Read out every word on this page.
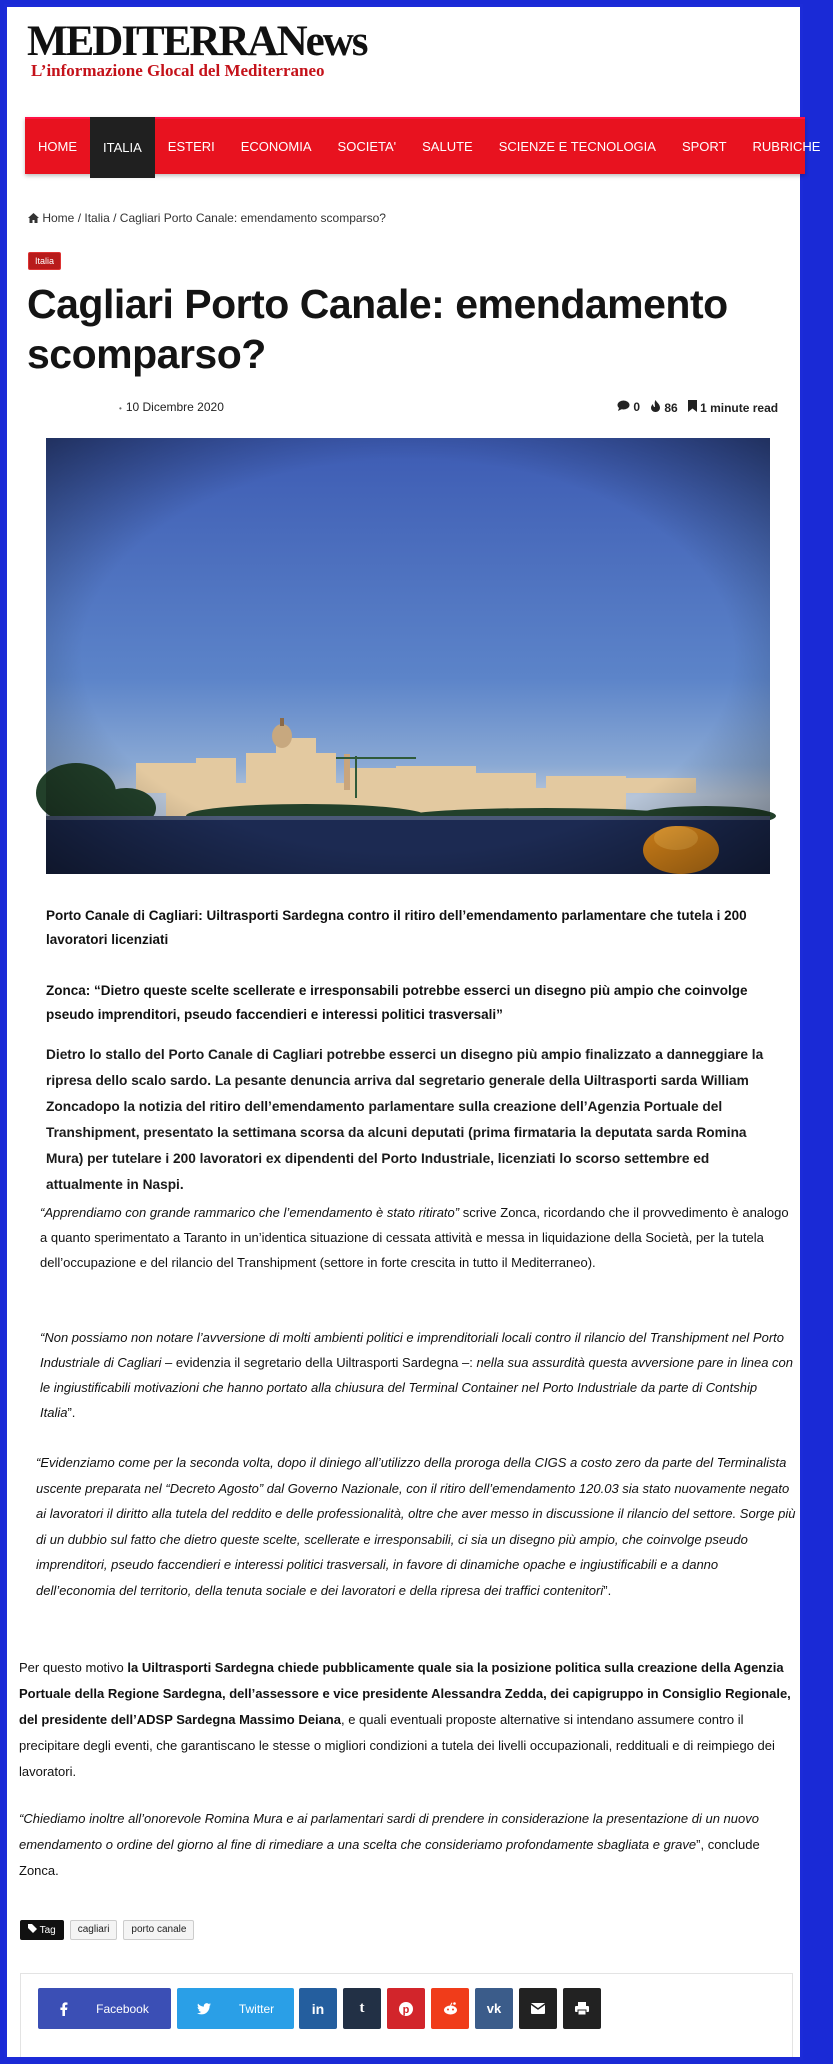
MEDITERRANews
L’informazione Glocal del Mediterraneo
HOME	ITALIA	ESTERI	ECONOMIA	SOCIETA'	SALUTE	SCIENZE E TECNOLOGIA	SPORT	RUBRICHE
Home / Italia / Cagliari Porto Canale: emendamento scomparso?
Italia
Cagliari Porto Canale: emendamento scomparso?
• 10 Dicembre 2020	0	86	1 minute read
Porto Canale di Cagliari: Uiltrasporti Sardegna contro il ritiro dell’emendamento parlamentare che tutela i 200 lavoratori licenziati
Zonca: “Dietro queste scelte scellerate e irresponsabili potrebbe esserci un disegno più ampio che coinvolge pseudo imprenditori, pseudo faccendieri e interessi politici trasversali”
Dietro lo stallo del Porto Canale di Cagliari potrebbe esserci un disegno più ampio finalizzato a danneggiare la ripresa dello scalo sardo. La pesante denuncia arriva dal segretario generale della Uiltrasporti sarda William Zoncadopo la notizia del ritiro dell’emendamento parlamentare sulla creazione dell’Agenzia Portuale del Transhipment, presentato la settimana scorsa da alcuni deputati (prima firmataria la deputata sarda Romina Mura) per tutelare i 200 lavoratori ex dipendenti del Porto Industriale, licenziati lo scorso settembre ed attualmente in Naspi.
“Apprendiamo con grande rammarico che l’emendamento è stato ritirato” scrive Zonca, ricordando che il provvedimento è analogo a quanto sperimentato a Taranto in un’identica situazione di cessata attività e messa in liquidazione della Società, per la tutela dell’occupazione e del rilancio del Transhipment (settore in forte crescita in tutto il Mediterraneo).
“Non possiamo non notare l’avversione di molti ambienti politici e imprenditoriali locali contro il rilancio del Transhipment nel Porto Industriale di Cagliari – evidenzia il segretario della Uiltrasporti Sardegna –: nella sua assurdità questa avversione pare in linea con le ingiustificabili motivazioni che hanno portato alla chiusura del Terminal Container nel Porto Industriale da parte di Contship Italia”.
“Evidenziamo come per la seconda volta, dopo il diniego all’utilizzo della proroga della CIGS a costo zero da parte del Terminalista uscente preparata nel “Decreto Agosto” dal Governo Nazionale, con il ritiro dell’emendamento 120.03 sia stato nuovamente negato ai lavoratori il diritto alla tutela del reddito e delle professionalità, oltre che aver messo in discussione il rilancio del settore. Sorge più di un dubbio sul fatto che dietro queste scelte, scellerate e irresponsabili, ci sia un disegno più ampio, che coinvolge pseudo imprenditori, pseudo faccendieri e interessi politici trasversali, in favore di dinamiche opache e ingiustificabili e a danno dell’economia del territorio, della tenuta sociale e dei lavoratori e della ripresa dei traffici contenitori”.
Per questo motivo la Uiltrasporti Sardegna chiede pubblicamente quale sia la posizione politica sulla creazione della Agenzia Portuale della Regione Sardegna, dell’assessore e vice presidente Alessandra Zedda, dei capigruppo in Consiglio Regionale, del presidente dell’ADSP Sardegna Massimo Deiana, e quali eventuali proposte alternative si intendano assumere contro il precipitare degli eventi, che garantiscano le stesse o migliori condizioni a tutela dei livelli occupazionali, reddituali e di reimpiego dei lavoratori.
“Chiediamo inoltre all’onorevole Romina Mura e ai parlamentari sardi di prendere in considerazione la presentazione di un nuovo emendamento o ordine del giorno al fine di rimediare a una scelta che consideriamo profondamente sbagliata e grave”, conclude Zonca.
Tag	cagliari	porto canale
Facebook	Twitter	in t	p	vk
